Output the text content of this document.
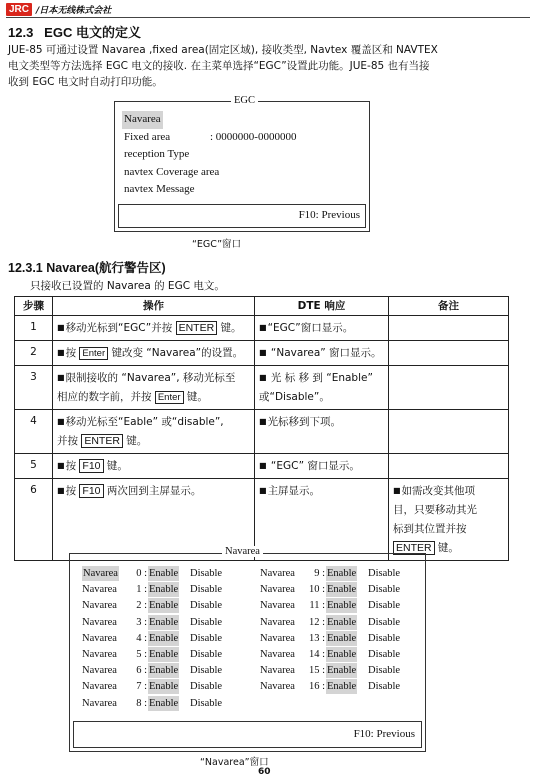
JRC /日本无线株式会社
12.3 EGC 电文的定义
JUE-85 可通过设置 Navarea ,fixed area(固定区域), 接收类型, Navtex 覆盖区和 NAVTEX
电文类型等方法选择 EGC 电文的接收. 在主菜单选择“EGC”设置此功能。JUE-85 也有当接
收到 EGC 电文时自动打印功能。
EGC
Navarea
Fixed area	: 0000000-0000000
reception Type
navtex Coverage area
navtex Message
F10: Previous
“EGC”窗口
12.3.1 Navarea(航行警告区)
只接收已设置的 Navarea 的 EGC 电文。
步骤	操作	DTE 响应	备注
1	■移动光标到“EGC”并按 ENTER 键。	■“EGC”窗口显示。	
2	■按 Enter 键改变 “Navarea”的设置。	■ “Navarea” 窗口显示。	
3	■限制接收的 “Navarea”, 移动光标至
相应的数字前，并按 Enter 键。	■ 光 标 移 到 “Enable”
或“Disable”。	
4	■移动光标至“Eable” 或“disable”,
并按 ENTER 键。	■光标移到下项。	
5	■按 F10 键。	■ “EGC” 窗口显示。	
6	■按 F10 两次回到主屏显示。	■主屏显示。	■如需改变其他项
目，只要移动其光
标到其位置并按
ENTER 键。
Navarea
Navarea	0 : Enable Disable
Navarea	1 : Enable Disable
Navarea	2 : Enable Disable
Navarea	3 : Enable Disable
Navarea	4 : Enable Disable
Navarea	5 : Enable Disable
Navarea	6 : Enable Disable
Navarea	7 : Enable Disable
Navarea	8 : Enable Disable
Navarea	9 : Enable Disable
Navarea	10 : Enable Disable
Navarea	11 : Enable Disable
Navarea	12 : Enable Disable
Navarea	13 : Enable Disable
Navarea	14 : Enable Disable
Navarea	15 : Enable Disable
Navarea	16 : Enable Disable
F10: Previous
“Navarea”窗口
60
